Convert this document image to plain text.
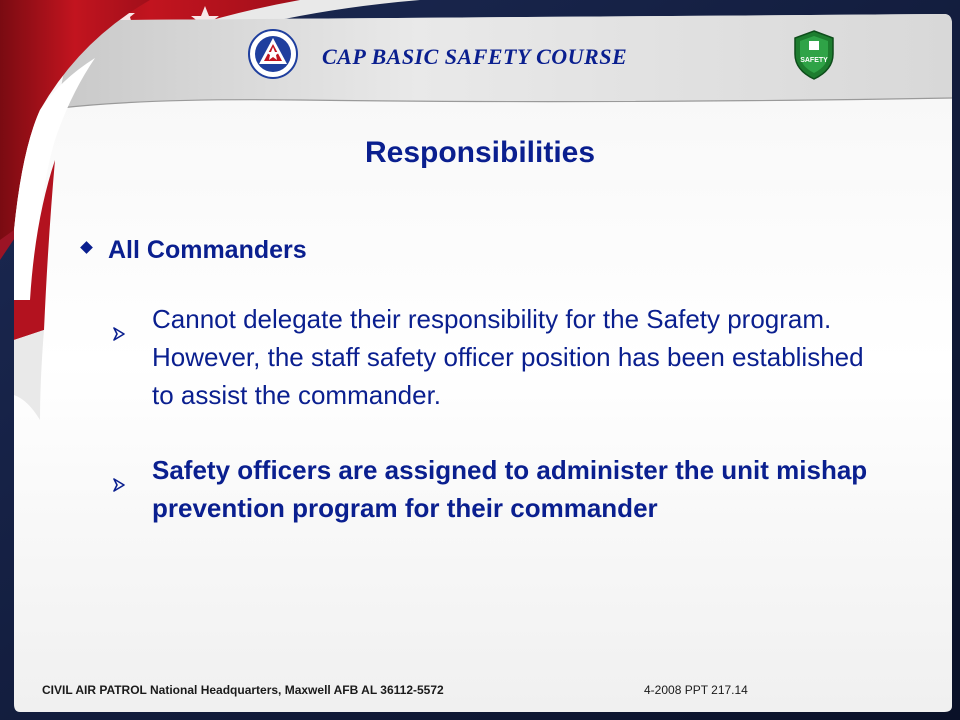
CAP BASIC SAFETY COURSE	SAFETY
Responsibilities
All Commanders
Cannot delegate their responsibility for the Safety program. However, the staff safety officer position has been established to assist the commander.
Safety officers are assigned to administer the unit mishap prevention program for their commander
CIVIL AIR PATROL National Headquarters, Maxwell AFB AL 36112-5572	4-2008 PPT 217.14
